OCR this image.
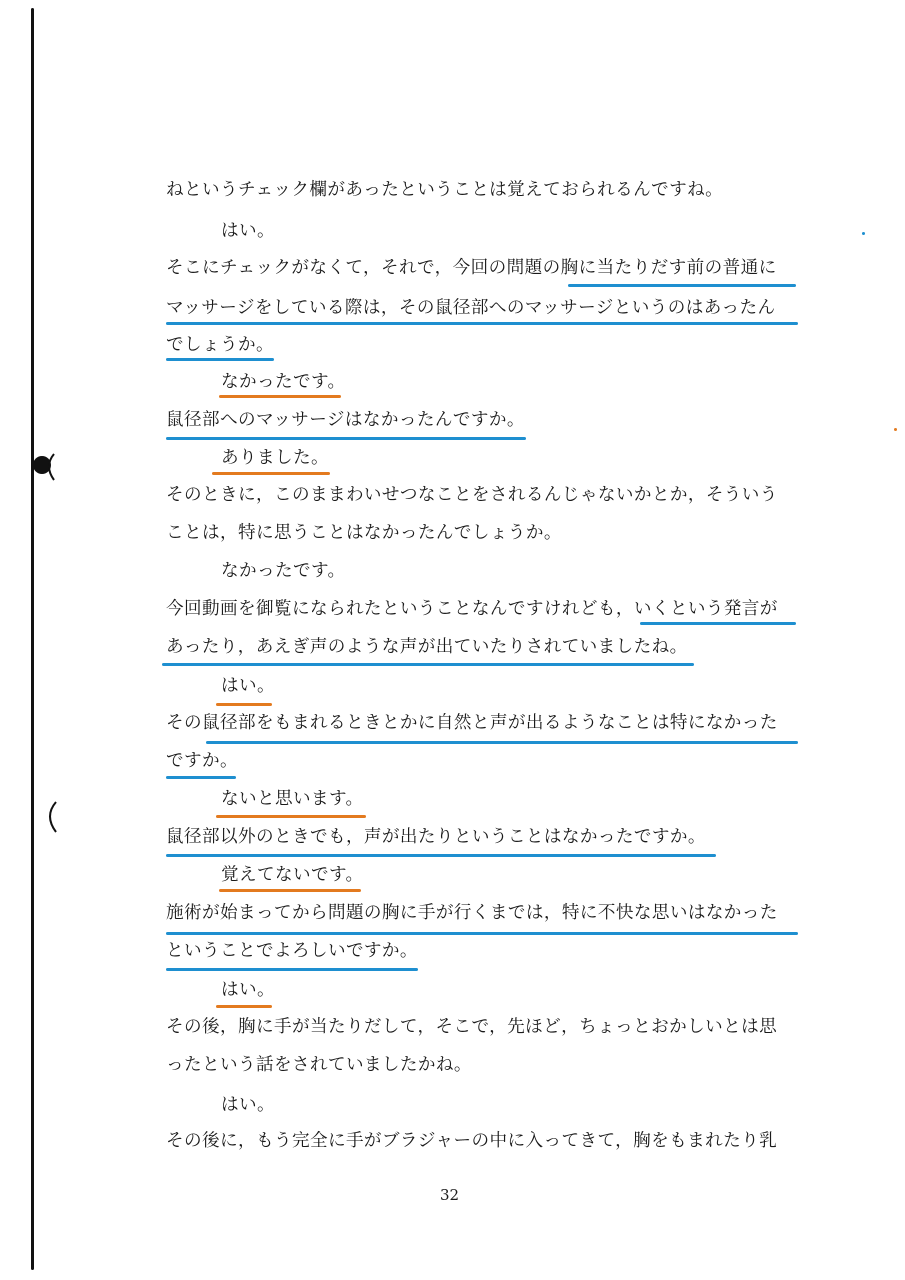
ねというチェック欄があったということは覚えておられるんですね。
はい。
そこにチェックがなくて，それで，今回の問題の胸に当たりだす前の普通に
マッサージをしている際は，その鼠径部へのマッサージというのはあったん
でしょうか。
なかったです。
鼠径部へのマッサージはなかったんですか。
ありました。
そのときに，このままわいせつなことをされるんじゃないかとか，そういう
ことは，特に思うことはなかったんでしょうか。
なかったです。
今回動画を御覧になられたということなんですけれども，いくという発言が
あったり，あえぎ声のような声が出ていたりされていましたね。
はい。
その鼠径部をもまれるときとかに自然と声が出るようなことは特になかった
ですか。
ないと思います。
鼠径部以外のときでも，声が出たりということはなかったですか。
覚えてないです。
施術が始まってから問題の胸に手が行くまでは，特に不快な思いはなかった
ということでよろしいですか。
はい。
その後，胸に手が当たりだして，そこで，先ほど，ちょっとおかしいとは思
ったという話をされていましたかね。
はい。
その後に，もう完全に手がブラジャーの中に入ってきて，胸をもまれたり乳
32
